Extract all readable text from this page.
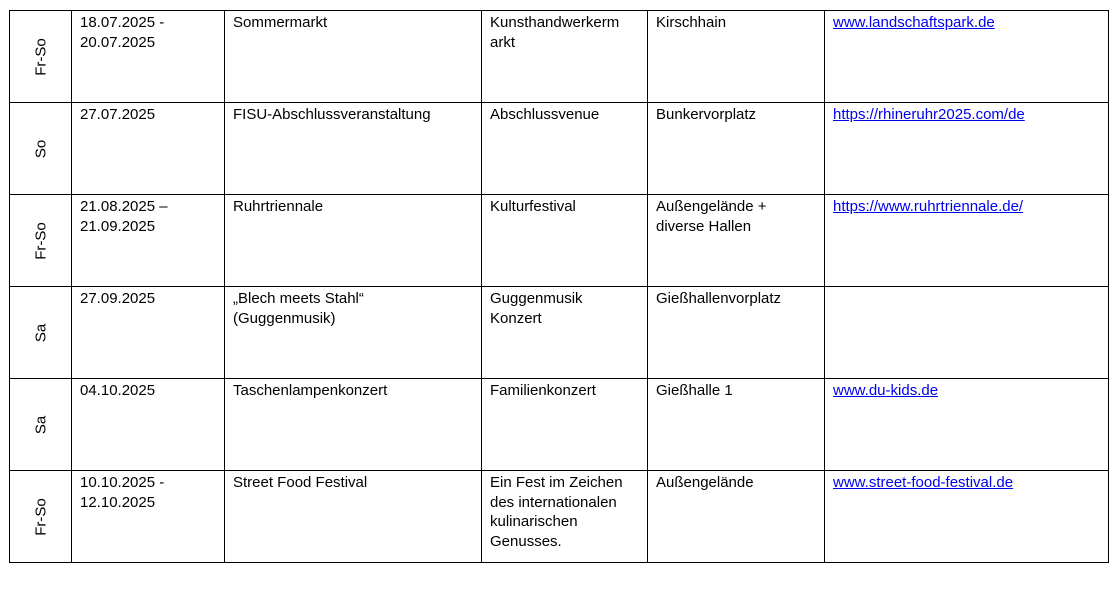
Fr-So	18.07.2025 -
20.07.2025	Sommermarkt	Kunsthandwerkerm
arkt	Kirschhain	www.landschaftspark.de

So	27.07.2025	FISU-Abschlussveranstaltung	Abschlussvenue	Bunkervorplatz	https://rhineruhr2025.com/de

Fr-So	21.08.2025 –
21.09.2025	Ruhrtriennale	Kulturfestival	Außengelände +
diverse Hallen	https://www.ruhrtriennale.de/

Sa	27.09.2025	„Blech meets Stahl“
(Guggenmusik)	Guggenmusik
Konzert	Gießhallenvorplatz	

Sa	04.10.2025	Taschenlampenkonzert	Familienkonzert	Gießhalle 1	www.du-kids.de

Fr-So	10.10.2025 -
12.10.2025	Street Food Festival	Ein Fest im Zeichen
des internationalen
kulinarischen
Genusses.	Außengelände	www.street-food-festival.de
